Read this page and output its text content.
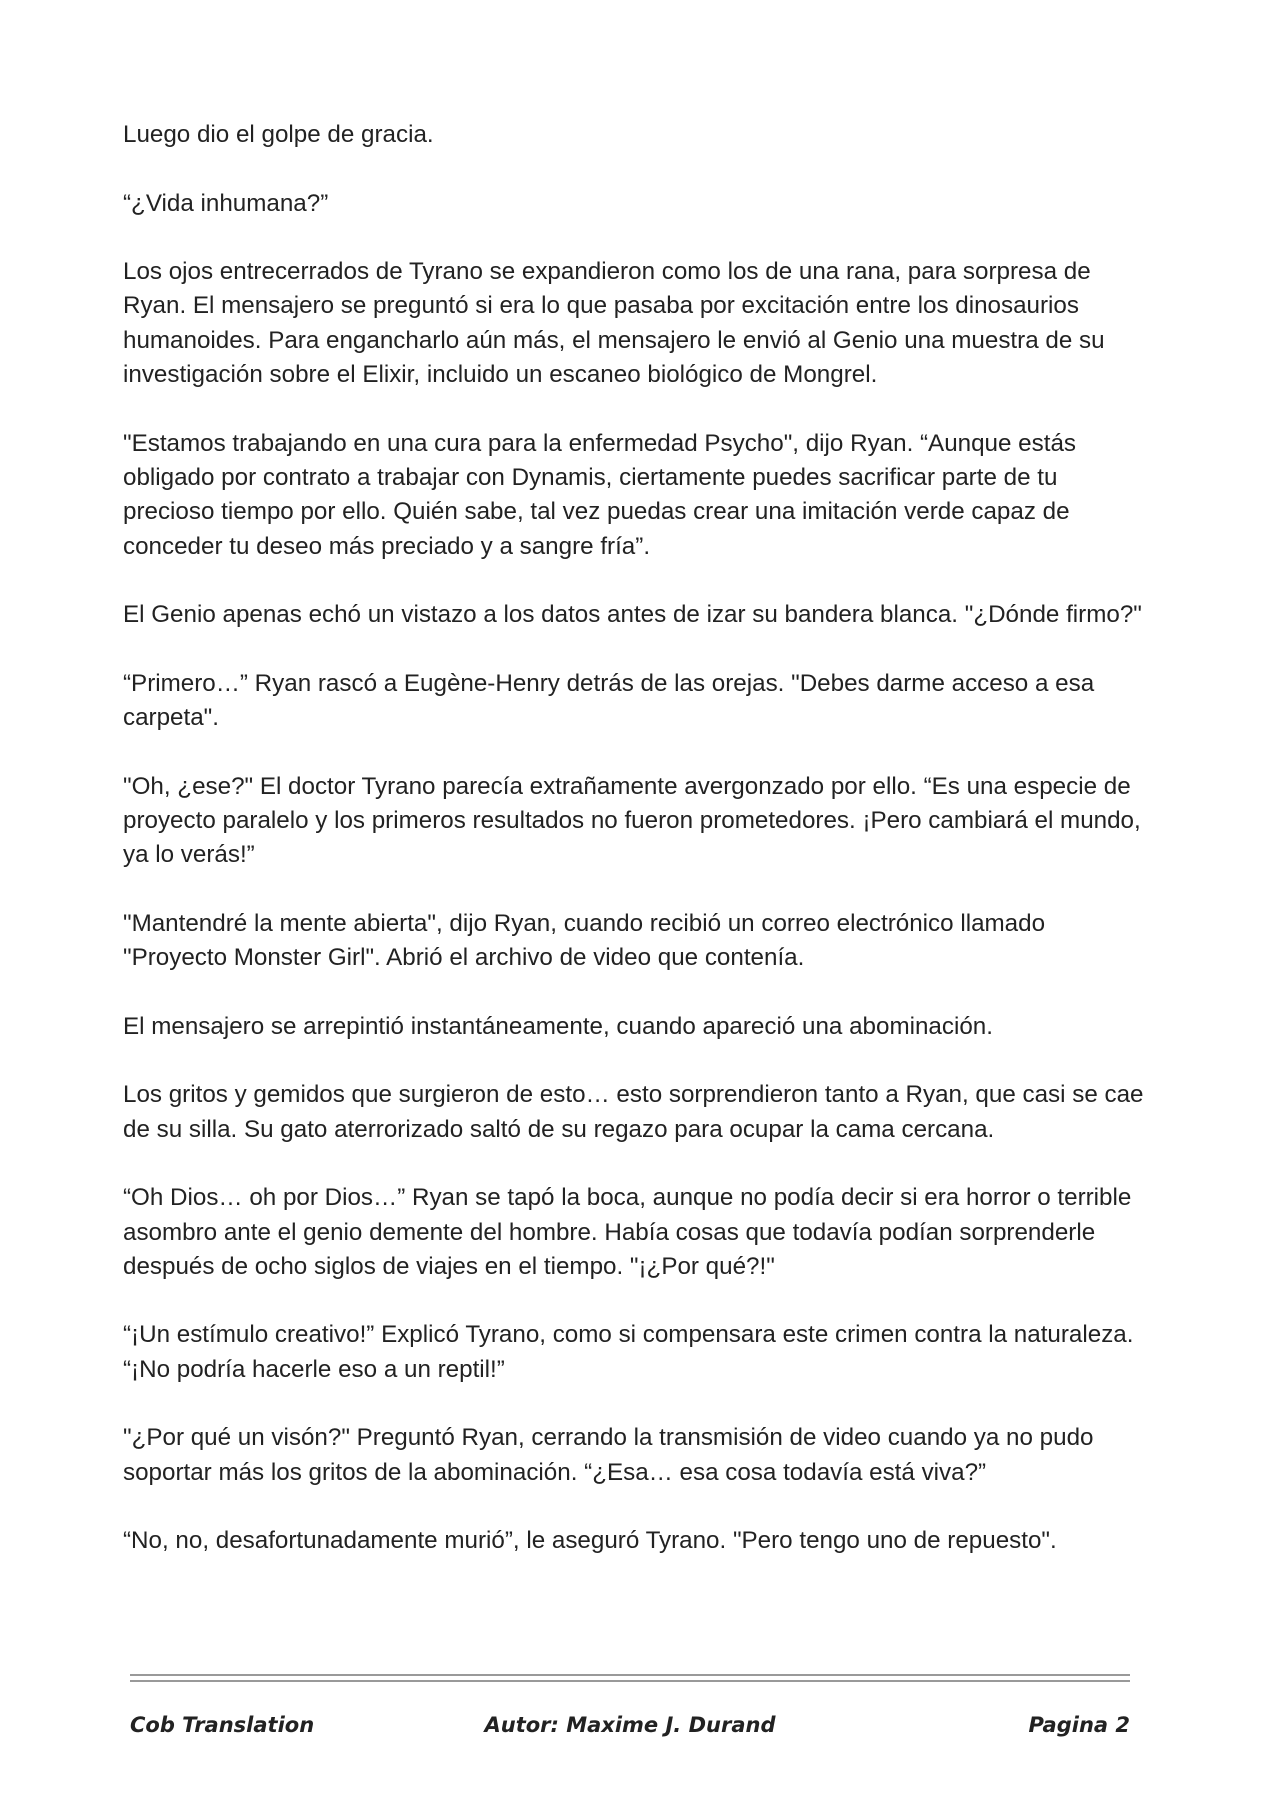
Luego dio el golpe de gracia.

“¿Vida inhumana?”

Los ojos entrecerrados de Tyrano se expandieron como los de una rana, para sorpresa de Ryan. El mensajero se preguntó si era lo que pasaba por excitación entre los dinosaurios humanoides. Para engancharlo aún más, el mensajero le envió al Genio una muestra de su investigación sobre el Elixir, incluido un escaneo biológico de Mongrel.

"Estamos trabajando en una cura para la enfermedad Psycho", dijo Ryan. “Aunque estás obligado por contrato a trabajar con Dynamis, ciertamente puedes sacrificar parte de tu precioso tiempo por ello. Quién sabe, tal vez puedas crear una imitación verde capaz de conceder tu deseo más preciado y a sangre fría”.

El Genio apenas echó un vistazo a los datos antes de izar su bandera blanca. "¿Dónde firmo?"

“Primero…” Ryan rascó a Eugène-Henry detrás de las orejas. "Debes darme acceso a esa carpeta".

"Oh, ¿ese?" El doctor Tyrano parecía extrañamente avergonzado por ello. “Es una especie de proyecto paralelo y los primeros resultados no fueron prometedores. ¡Pero cambiará el mundo, ya lo verás!”

"Mantendré la mente abierta", dijo Ryan, cuando recibió un correo electrónico llamado "Proyecto Monster Girl". Abrió el archivo de video que contenía.

El mensajero se arrepintió instantáneamente, cuando apareció una abominación.

Los gritos y gemidos que surgieron de esto… esto sorprendieron tanto a Ryan, que casi se cae de su silla. Su gato aterrorizado saltó de su regazo para ocupar la cama cercana.

“Oh Dios… oh por Dios…” Ryan se tapó la boca, aunque no podía decir si era horror o terrible asombro ante el genio demente del hombre. Había cosas que todavía podían sorprenderle después de ocho siglos de viajes en el tiempo. "¡¿Por qué?!"

“¡Un estímulo creativo!” Explicó Tyrano, como si compensara este crimen contra la naturaleza. “¡No podría hacerle eso a un reptil!”

"¿Por qué un visón?" Preguntó Ryan, cerrando la transmisión de video cuando ya no pudo soportar más los gritos de la abominación. “¿Esa… esa cosa todavía está viva?”

“No, no, desafortunadamente murió”, le aseguró Tyrano. "Pero tengo uno de repuesto".

Cob Translation	Autor: Maxime J. Durand	Pagina 2
